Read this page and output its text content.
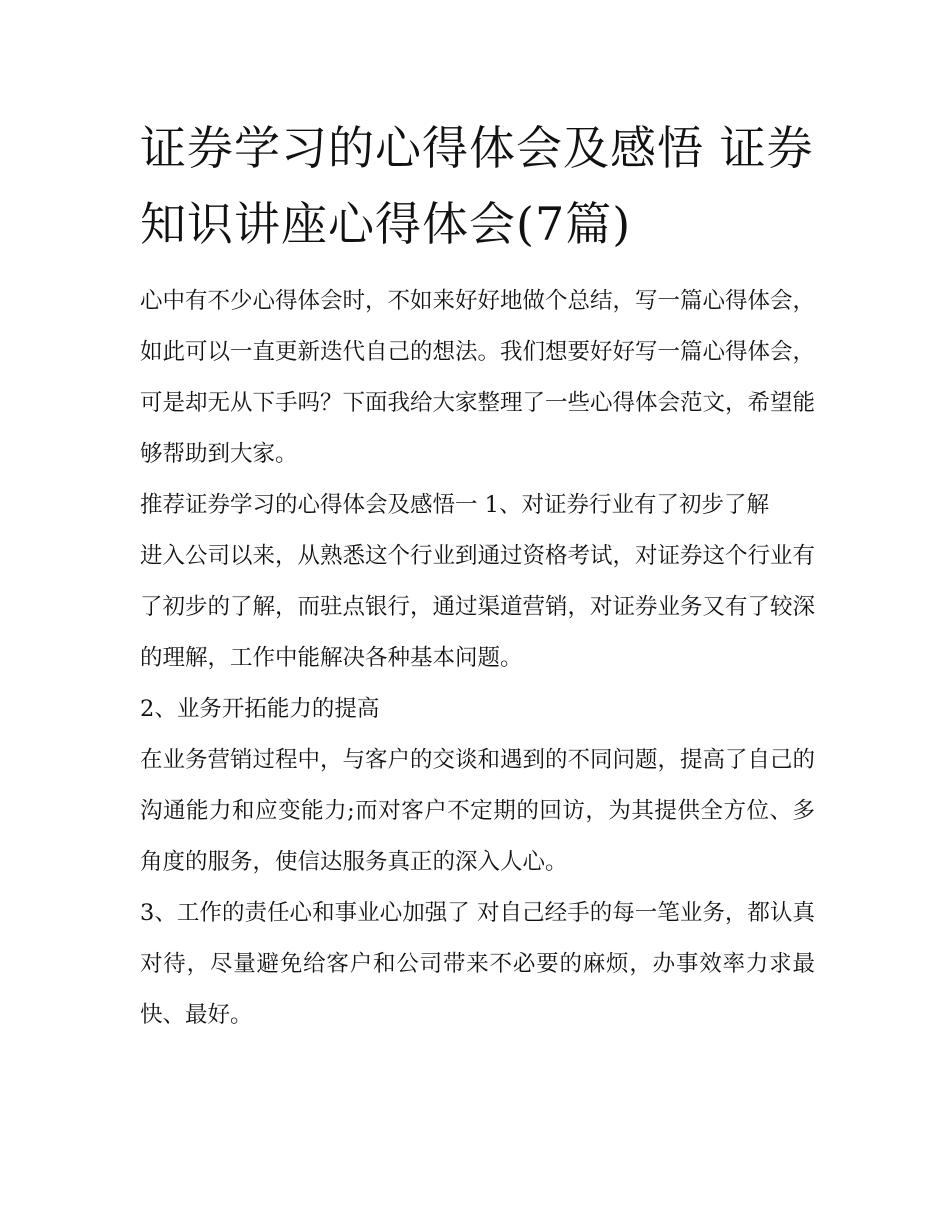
证券学习的心得体会及感悟 证券知识讲座心得体会(7篇)

心中有不少心得体会时，不如来好好地做个总结，写一篇心得体会，如此可以一直更新迭代自己的想法。我们想要好好写一篇心得体会，可是却无从下手吗？下面我给大家整理了一些心得体会范文，希望能够帮助到大家。

推荐证券学习的心得体会及感悟一 1、对证券行业有了初步了解

进入公司以来，从熟悉这个行业到通过资格考试，对证券这个行业有了初步的了解，而驻点银行，通过渠道营销，对证券业务又有了较深的理解，工作中能解决各种基本问题。

2、业务开拓能力的提高

在业务营销过程中，与客户的交谈和遇到的不同问题，提高了自己的沟通能力和应变能力;而对客户不定期的回访，为其提供全方位、多角度的服务，使信达服务真正的深入人心。

3、工作的责任心和事业心加强了 对自己经手的每一笔业务，都认真对待，尽量避免给客户和公司带来不必要的麻烦，办事效率力求最快、最好。
